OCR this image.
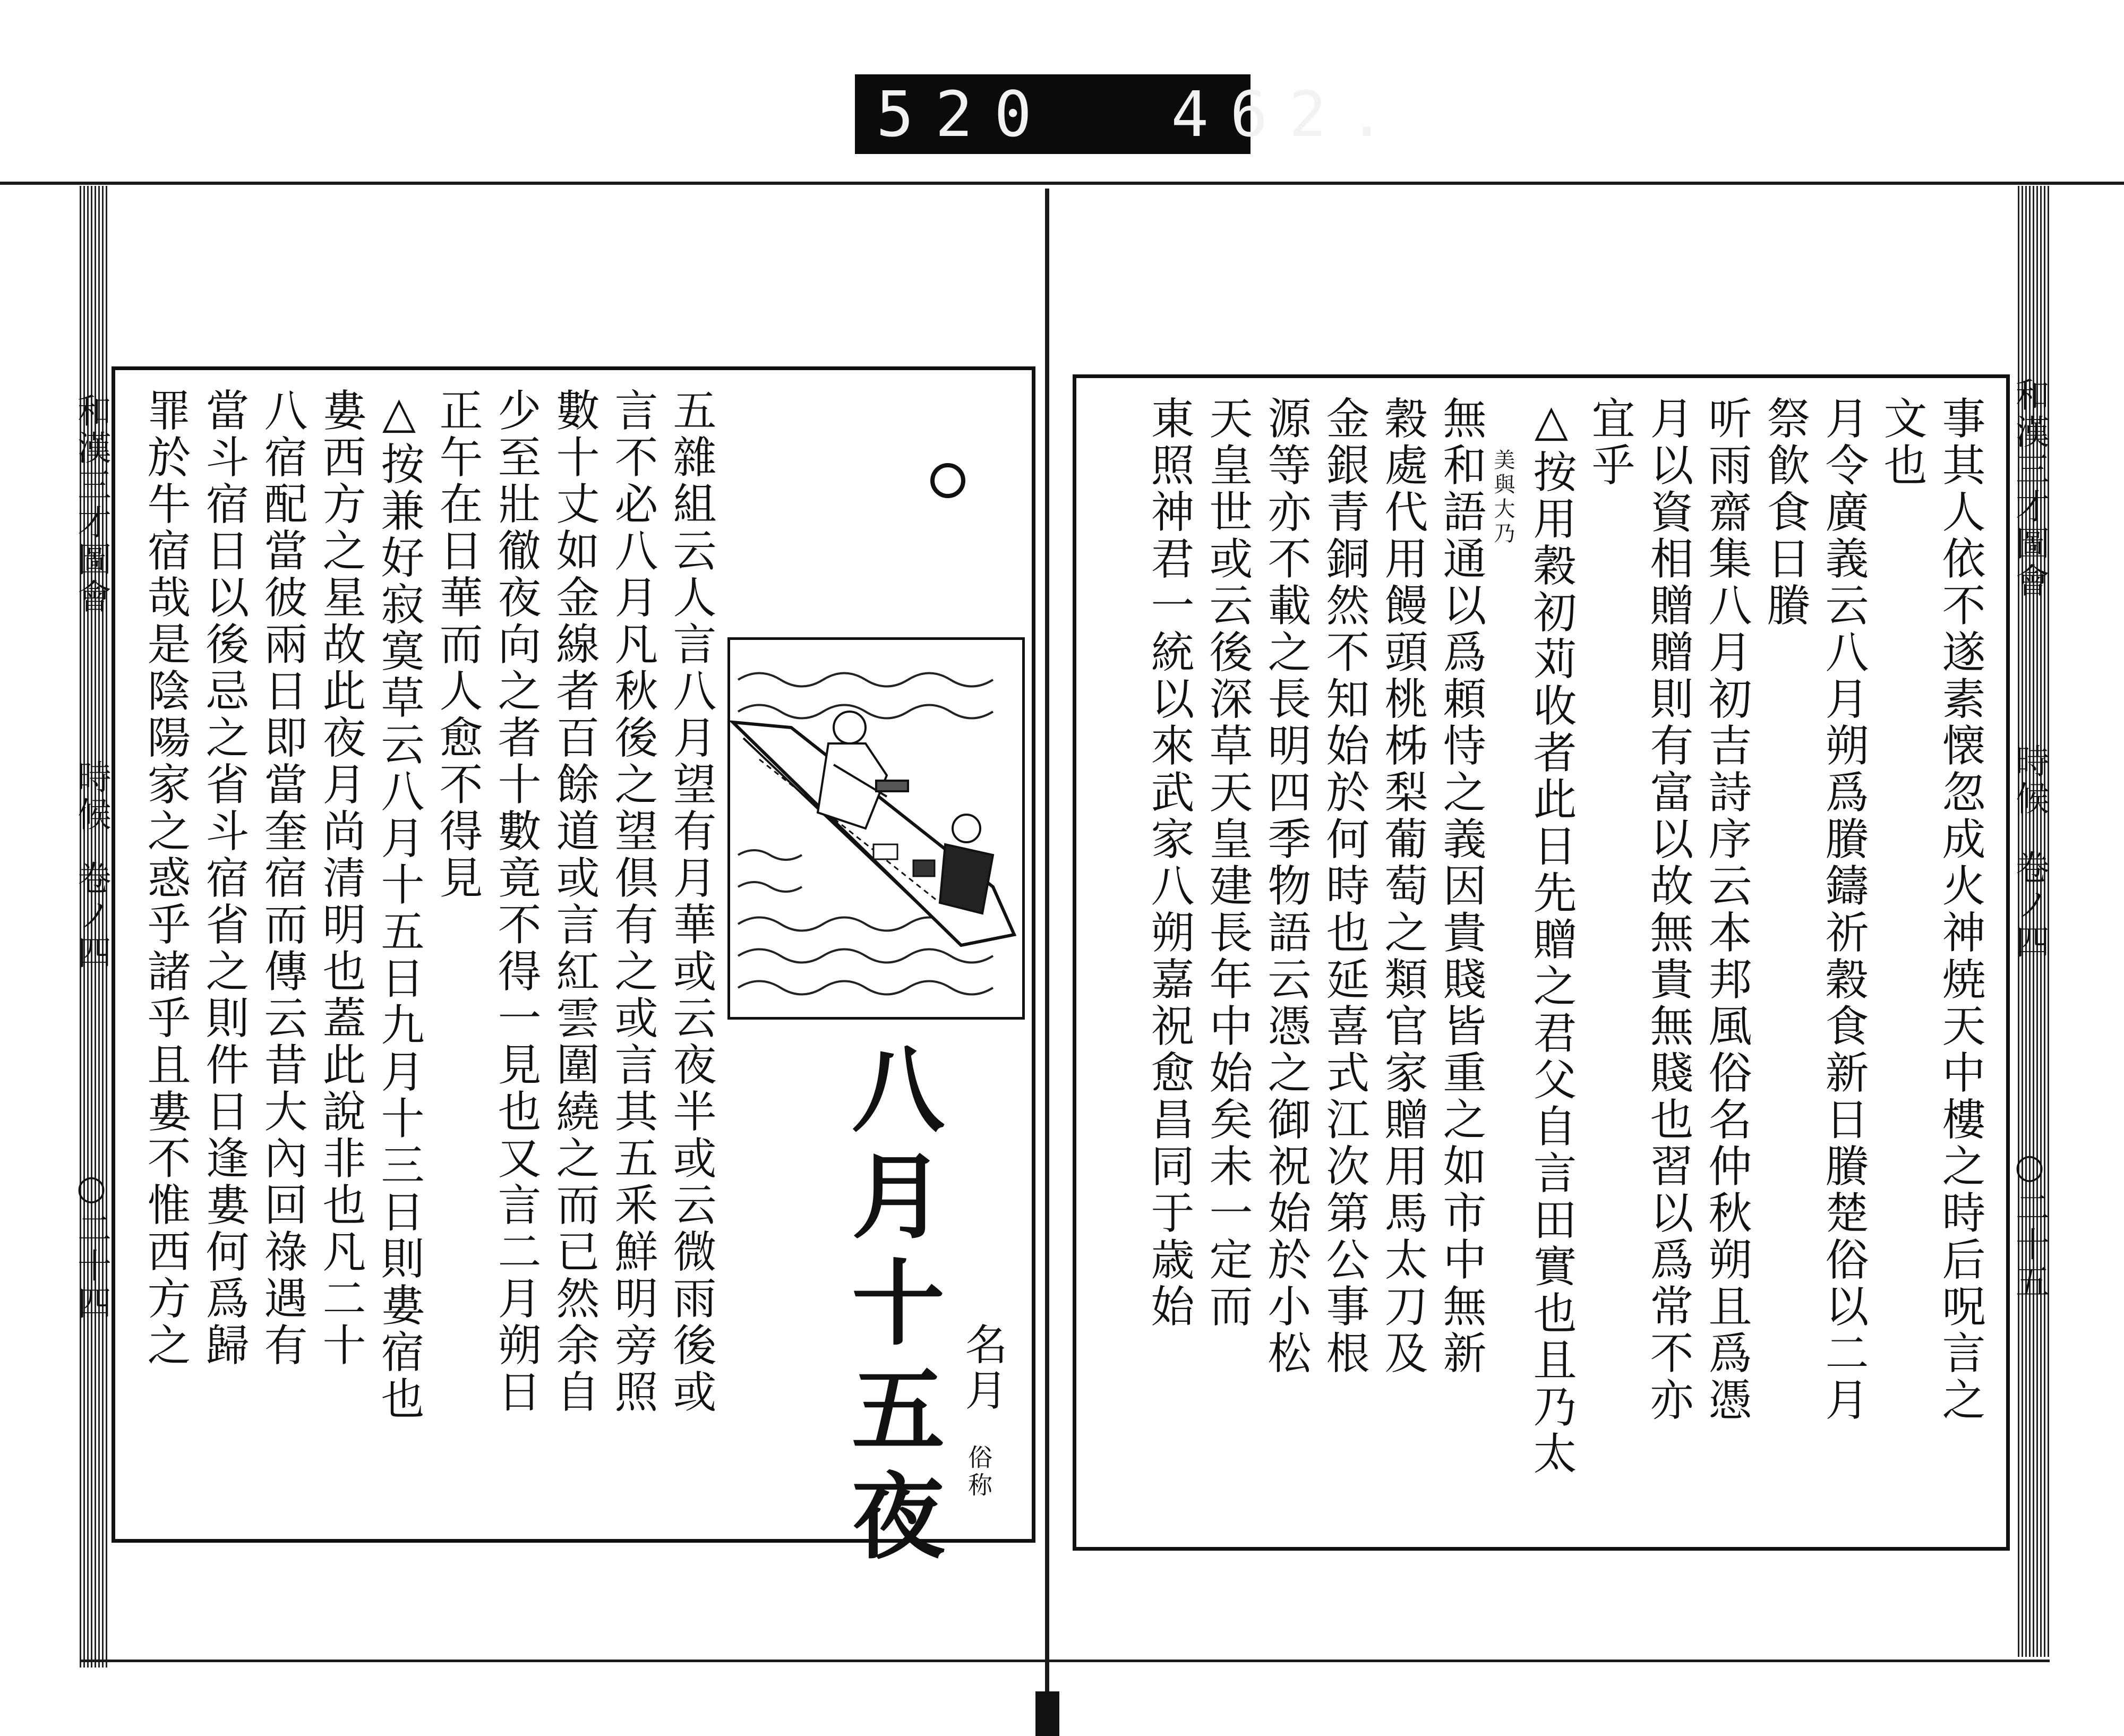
520  462.
和漢三才圖會
時候
卷ノ四
○二十四	五雜組云人言八月望有月華或云夜半或云微雨後或
言不必八月凡秋後之望倶有之或言其五釆鮮明旁照
數十丈如金線者百餘道或言紅雲圍繞之而已然余自
少至壯徹夜向之者十數竟不得一見也又言二月朔日
正午在日華而人愈不得見
△按兼好寂寞草云八月十五日九月十三日則婁宿也
婁西方之星故此夜月尚清明也蓋此說非也凡二十
八宿配當彼兩日即當奎宿而傳云昔大內回祿遇有
當斗宿日以後忌之省斗宿省之則件日逢婁何爲歸
罪於牛宿哉是陰陽家之惑乎諸乎且婁不惟西方之	八月十五夜 名月
俗称
和漢三才圖會
時候
卷ノ四
○二十五
事其人依不遂素懐忽成火神焼天中樓之時后呪言之
文也
月令廣義云八月朔爲賸鑄祈穀食新日賸楚俗以二月
祭飮食日賸
听雨齋集八月初吉詩序云本邦風俗名仲秋朔且爲憑
月以資相贈贈則有富以故無貴無賤也習以爲常不亦
宜乎
△按用穀初苅收者此日先贈之君父自言田實也且乃太
美與大乃
無和語通以爲頼恃之義因貴賤皆重之如市中無新
穀處代用饅頭桃柹梨葡萄之類官家贈用馬太刀及
金銀青銅然不知始於何時也延喜式江次第公事根
源等亦不載之長明四季物語云憑之御祝始於小松
天皇世或云後深草天皇建長年中始矣未一定而
東照神君一統以來武家八朔嘉祝愈昌同于歳始
